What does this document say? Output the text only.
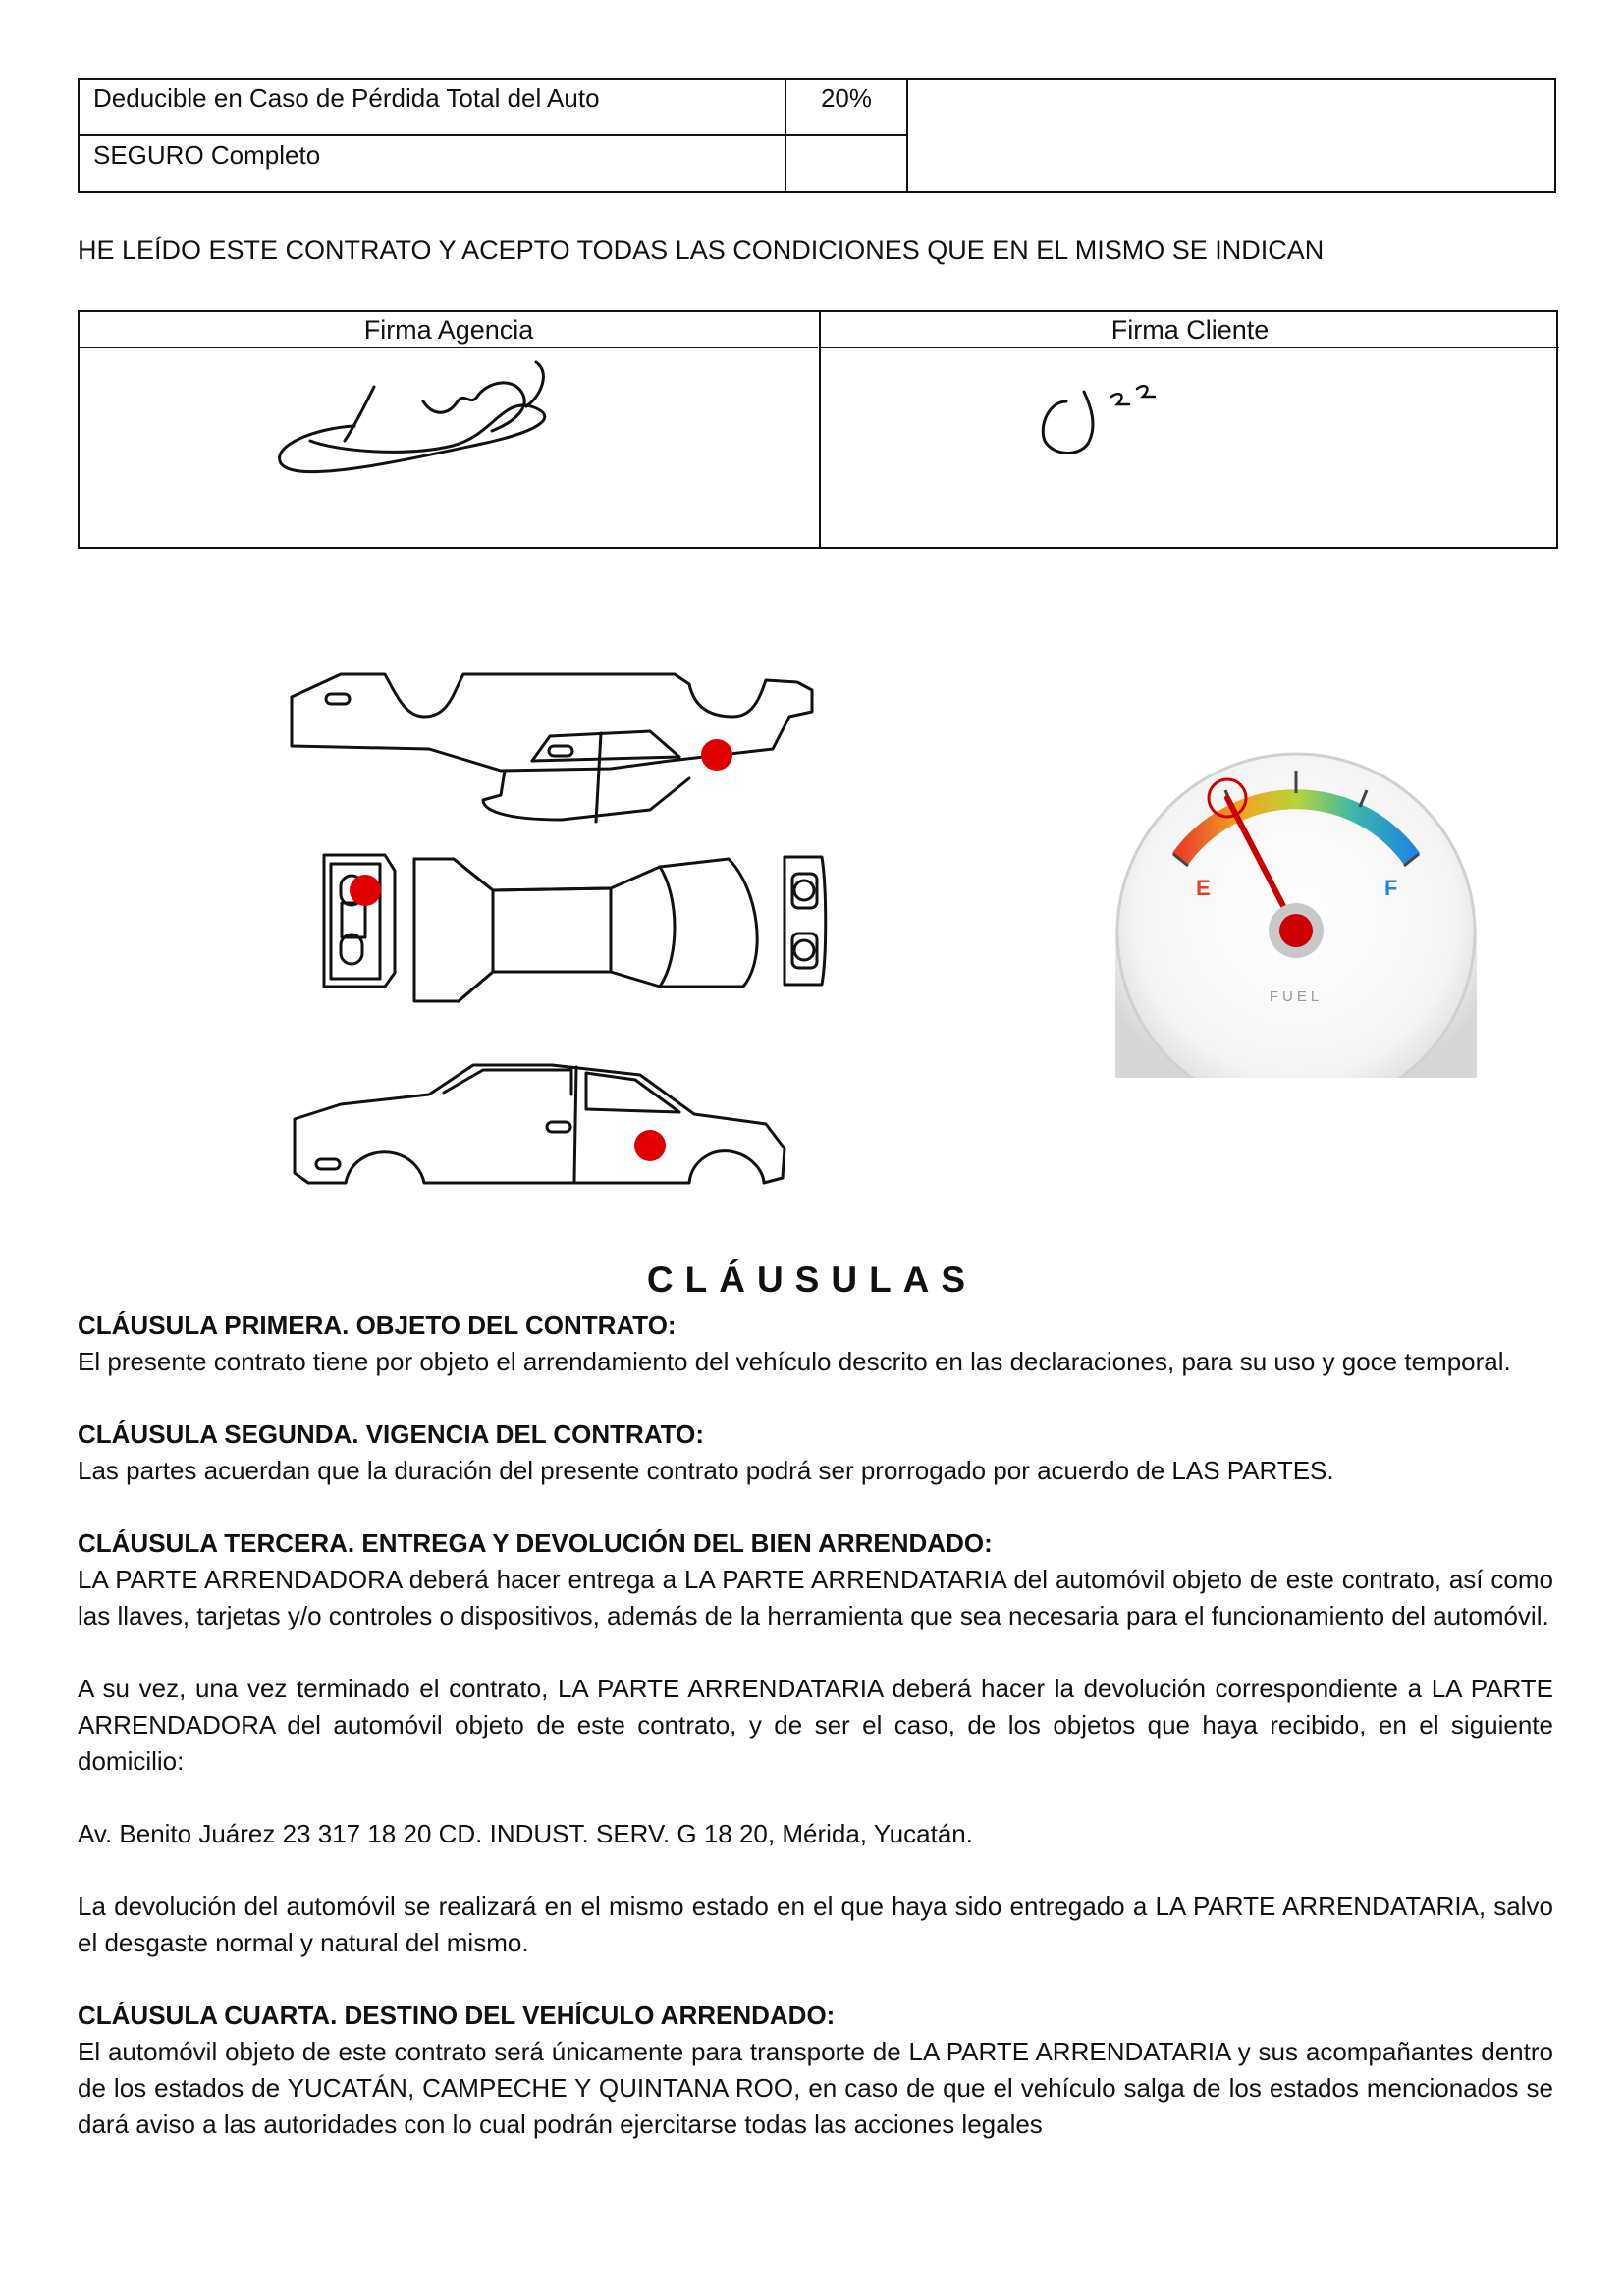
Deducible en Caso de Pérdida Total del Auto	20%	
SEGURO Completo		
HE LEÍDO ESTE CONTRATO Y ACEPTO TODAS LAS CONDICIONES QUE EN EL MISMO SE INDICAN
Firma Agencia	Firma Cliente
E	F
FUEL
CLÁUSULAS
CLÁUSULA PRIMERA. OBJETO DEL CONTRATO:

El presente contrato tiene por objeto el arrendamiento del vehículo descrito en las declaraciones, para su uso y goce temporal.

CLÁUSULA SEGUNDA. VIGENCIA DEL CONTRATO:

Las partes acuerdan que la duración del presente contrato podrá ser prorrogado por acuerdo de LAS PARTES.

CLÁUSULA TERCERA. ENTREGA Y DEVOLUCIÓN DEL BIEN ARRENDADO:

LA PARTE ARRENDADORA deberá hacer entrega a LA PARTE ARRENDATARIA del automóvil objeto de este contrato, así como las llaves, tarjetas y/o controles o dispositivos, además de la herramienta que sea necesaria para el funcionamiento del automóvil.

A su vez, una vez terminado el contrato, LA PARTE ARRENDATARIA deberá hacer la devolución correspondiente a LA PARTE ARRENDADORA del automóvil objeto de este contrato, y de ser el caso, de los objetos que haya recibido, en el siguiente domicilio:

Av. Benito Juárez 23 317 18 20 CD. INDUST. SERV. G 18 20, Mérida, Yucatán.

La devolución del automóvil se realizará en el mismo estado en el que haya sido entregado a LA PARTE ARRENDATARIA, salvo el desgaste normal y natural del mismo.

CLÁUSULA CUARTA. DESTINO DEL VEHÍCULO ARRENDADO:

El automóvil objeto de este contrato será únicamente para transporte de LA PARTE ARRENDATARIA y sus acompañantes dentro de los estados de YUCATÁN, CAMPECHE Y QUINTANA ROO, en caso de que el vehículo salga de los estados mencionados se dará aviso a las autoridades con lo cual podrán ejercitarse todas las acciones legales
